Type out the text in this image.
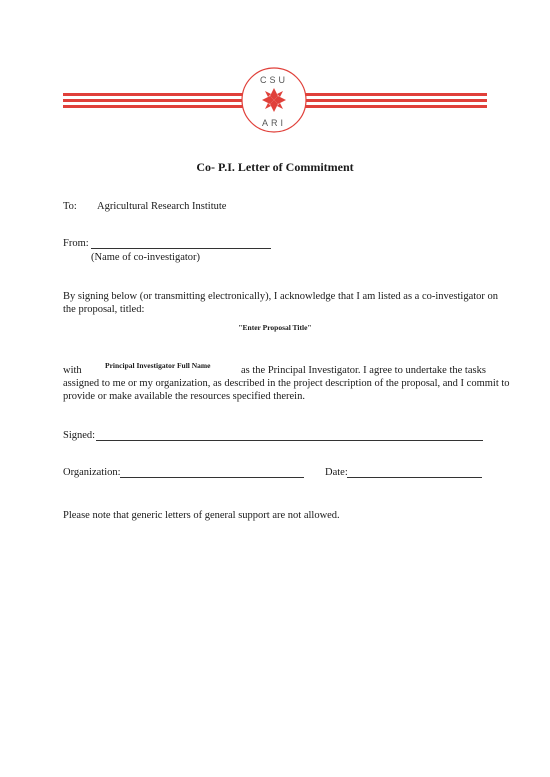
CSU
ARI
Co- P.I. Letter of Commitment
To: Agricultural Research Institute
From:
(Name of co-investigator)
By signing below (or transmitting electronically), I acknowledge that I am listed as a co-investigator on
the proposal, titled:
"Enter Proposal Title"
with	Principal Investigator Full Name	as the Principal Investigator. I agree to undertake the tasks
assigned to me or my organization, as described in the project description of the proposal, and I commit to
provide or make available the resources specified therein.
Signed:
Organization:	Date:
Please note that generic letters of general support are not allowed.
